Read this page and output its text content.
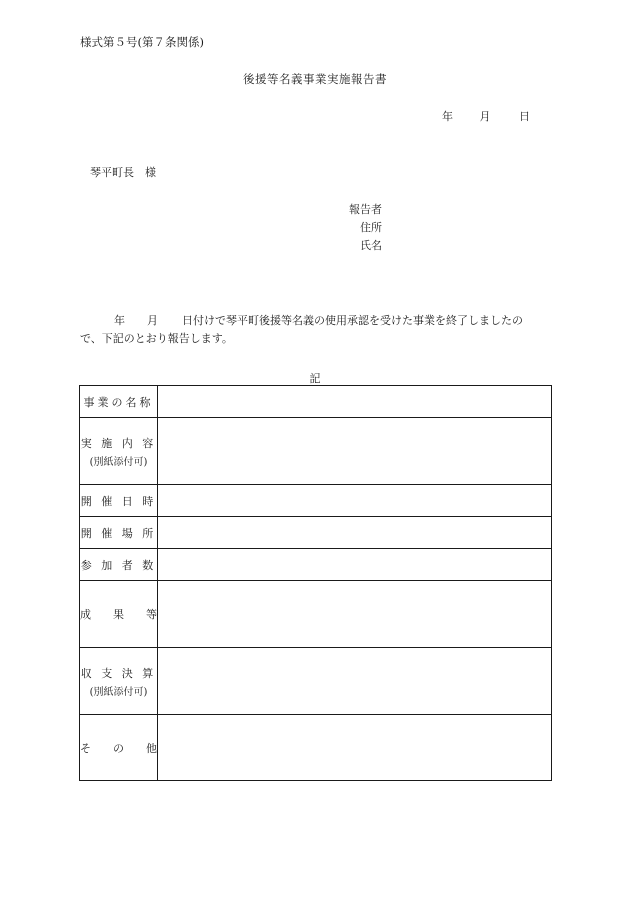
様式第５号(第７条関係)
後援等名義事業実施報告書
年 月	日
琴平町長　様
報告者
住所
氏名
年 月 日付けで琴平町後援等名義の使用承認を受けた事業を終了しましたの
で、下記のとおり報告します。
記
事業の名称	

実 施 内 容
(別紙添付可)	

開 催 日 時	

開 催 場 所	

参 加 者 数	

成　　果　　等	

収 支 決 算
(別紙添付可)	

そ　　の　　他	
